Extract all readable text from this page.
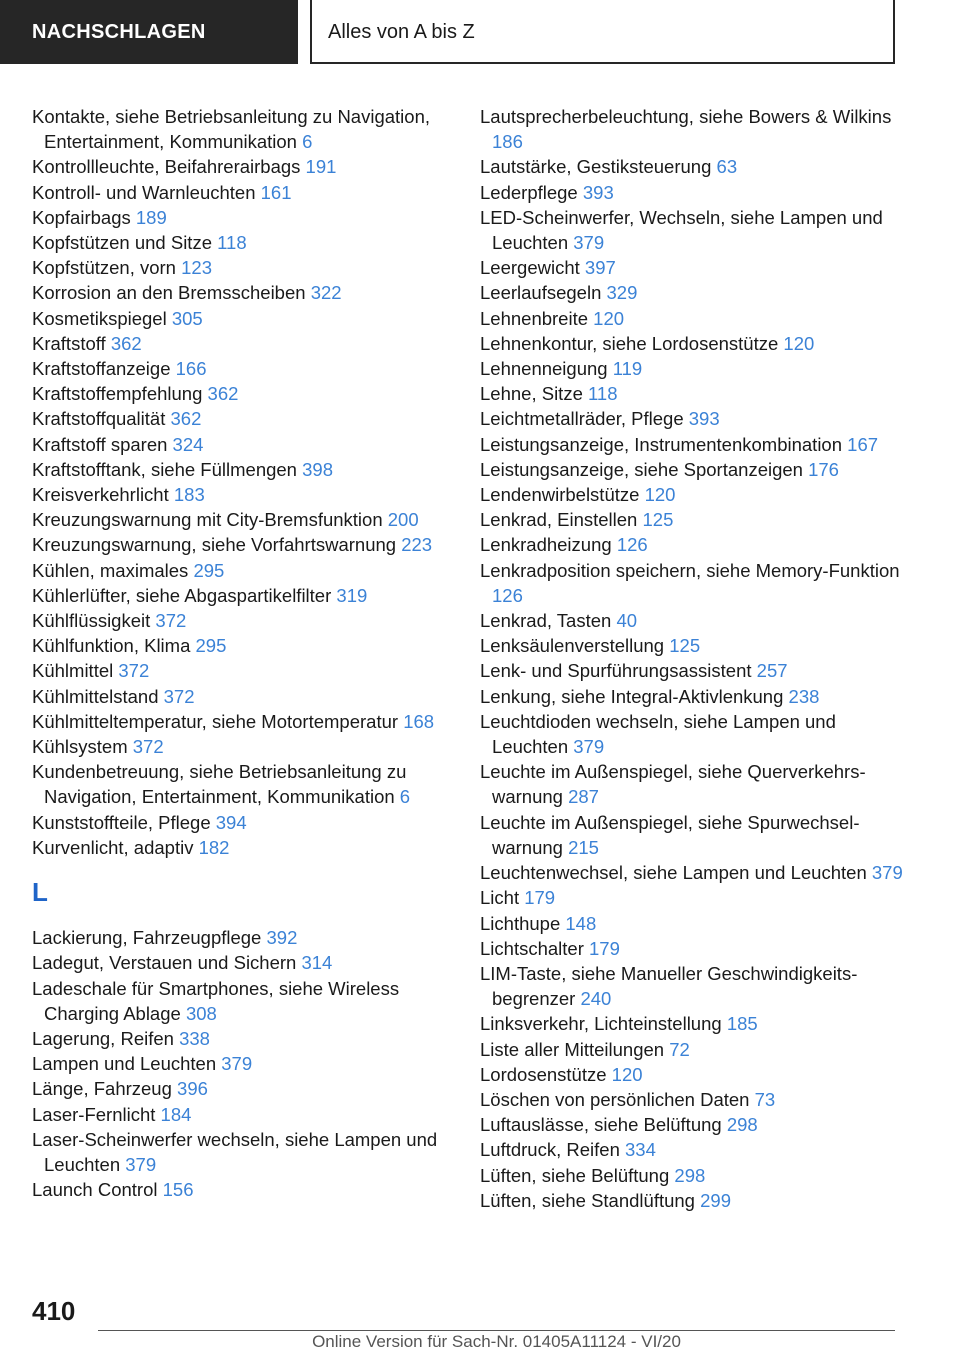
NACHSCHLAGEN	Alles von A bis Z
Kontakte, siehe Betriebsanleitung zu Navigation, Entertainment, Kommunikation 6
Kontrollleuchte, Beifahrerairbags 191
Kontroll- und Warnleuchten 161
Kopfairbags 189
Kopfstützen und Sitze 118
Kopfstützen, vorn 123
Korrosion an den Bremsscheiben 322
Kosmetikspiegel 305
Kraftstoff 362
Kraftstoffanzeige 166
Kraftstoffempfehlung 362
Kraftstoffqualität 362
Kraftstoff sparen 324
Kraftstofftank, siehe Füllmengen 398
Kreisverkehrlicht 183
Kreuzungswarnung mit City-Bremsfunktion 200
Kreuzungswarnung, siehe Vorfahrtswarnung 223
Kühlen, maximales 295
Kühlerlüfter, siehe Abgaspartikelfilter 319
Kühlflüssigkeit 372
Kühlfunktion, Klima 295
Kühlmittel 372
Kühlmittelstand 372
Kühlmitteltemperatur, siehe Motortemperatur 168
Kühlsystem 372
Kundenbetreuung, siehe Betriebsanleitung zu Navigation, Entertainment, Kommunikation 6
Kunststoffteile, Pflege 394
Kurvenlicht, adaptiv 182
L
Lackierung, Fahrzeugpflege 392
Ladegut, Verstauen und Sichern 314
Ladeschale für Smartphones, siehe Wireless Charging Ablage 308
Lagerung, Reifen 338
Lampen und Leuchten 379
Länge, Fahrzeug 396
Laser-Fernlicht 184
Laser-Scheinwerfer wechseln, siehe Lampen und Leuchten 379
Launch Control 156
Lautsprecherbeleuchtung, siehe Bowers & Wilkins 186
Lautstärke, Gestiksteuerung 63
Lederpflege 393
LED-Scheinwerfer, Wechseln, siehe Lampen und Leuchten 379
Leergewicht 397
Leerlaufsegeln 329
Lehnenbreite 120
Lehnenkontur, siehe Lordosenstütze 120
Lehnenneigung 119
Lehne, Sitze 118
Leichtmetallräder, Pflege 393
Leistungsanzeige, Instrumentenkombination 167
Leistungsanzeige, siehe Sportanzeigen 176
Lendenwirbelstütze 120
Lenkrad, Einstellen 125
Lenkradheizung 126
Lenkradposition speichern, siehe Memory-Funktion 126
Lenkrad, Tasten 40
Lenksäulenverstellung 125
Lenk- und Spurführungsassistent 257
Lenkung, siehe Integral-Aktivlenkung 238
Leuchtdioden wechseln, siehe Lampen und Leuchten 379
Leuchte im Außenspiegel, siehe Querverkehrswarnung 287
Leuchte im Außenspiegel, siehe Spurwechselwarnung 215
Leuchtenwechsel, siehe Lampen und Leuchten 379
Licht 179
Lichthupe 148
Lichtschalter 179
LIM-Taste, siehe Manueller Geschwindigkeitsbegrenzer 240
Linksverkehr, Lichteinstellung 185
Liste aller Mitteilungen 72
Lordosenstütze 120
Löschen von persönlichen Daten 73
Luftauslässe, siehe Belüftung 298
Luftdruck, Reifen 334
Lüften, siehe Belüftung 298
Lüften, siehe Standlüftung 299
410
Online Version für Sach-Nr. 01405A11124 - VI/20
